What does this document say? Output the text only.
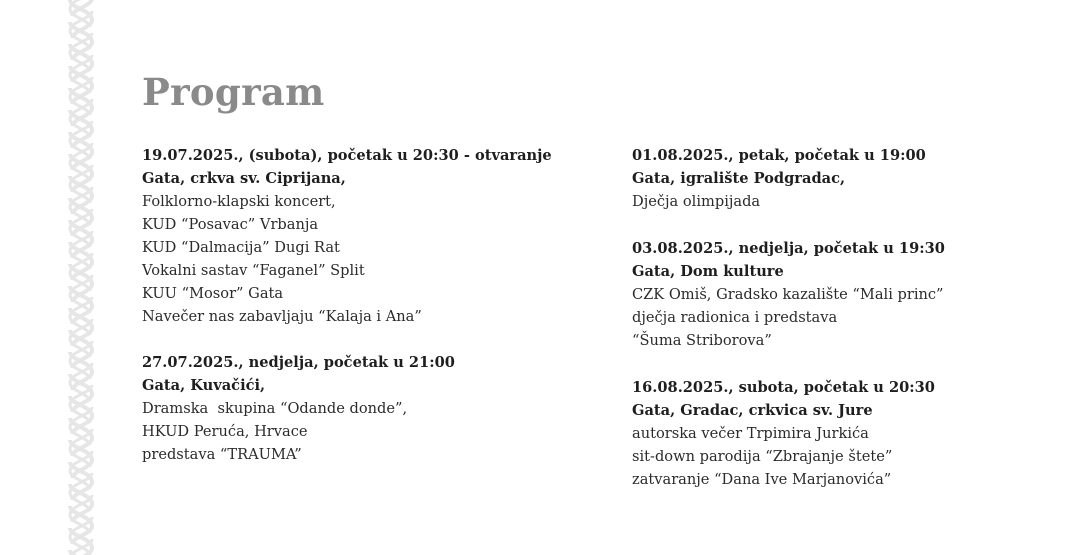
Program
19.07.2025., (subota), početak u 20:30 - otvaranje
Gata, crkva sv. Ciprijana,
Folklorno-klapski koncert,
KUD “Posavac” Vrbanja
KUD “Dalmacija” Dugi Rat
Vokalni sastav “Faganel” Split
KUU “Mosor” Gata
Navečer nas zabavljaju “Kalaja i Ana”
27.07.2025., nedjelja, početak u 21:00
Gata, Kuvačići,
Dramska  skupina “Odande donde”,
HKUD Peruća, Hrvace
predstava “TRAUMA”
01.08.2025., petak, početak u 19:00
Gata, igralište Podgradac,
Dječja olimpijada
03.08.2025., nedjelja, početak u 19:30
Gata, Dom kulture
CZK Omiš, Gradsko kazalište “Mali princ”
dječja radionica i predstava
“Šuma Striborova”
16.08.2025., subota, početak u 20:30
Gata, Gradac, crkvica sv. Jure
autorska večer Trpimira Jurkića
sit-down parodija “Zbrajanje štete”
zatvaranje “Dana Ive Marjanovića”
